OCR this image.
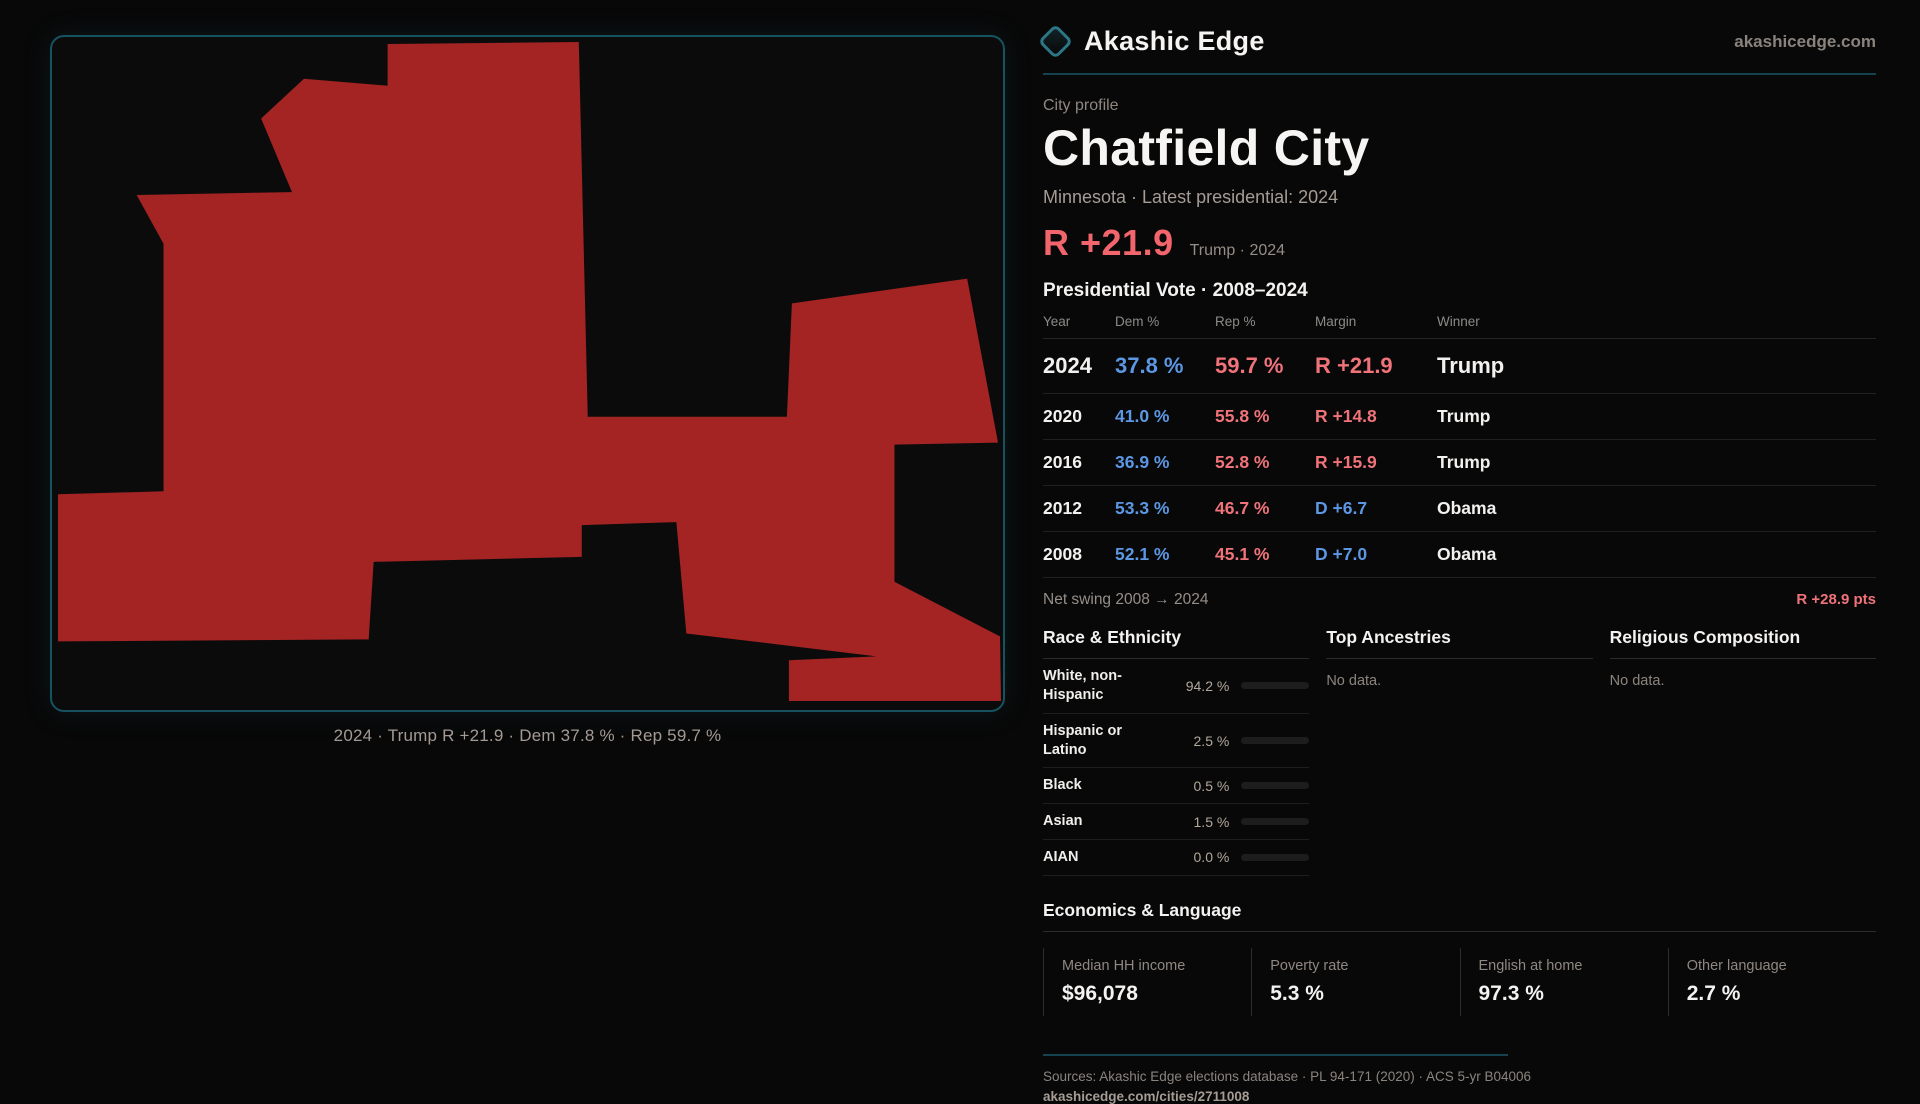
2024 · Trump R +21.9 · Dem 37.8 % · Rep 59.7 %
Akashic Edge	akashicedge.com
City profile
Chatfield City
Minnesota · Latest presidential: 2024
R +21.9 Trump · 2024
Presidential Vote · 2008–2024
Year	Dem %	Rep %	Margin	Winner
2024	37.8 %	59.7 %	R +21.9	Trump
2020	41.0 %	55.8 %	R +14.8	Trump
2016	36.9 %	52.8 %	R +15.9	Trump
2012	53.3 %	46.7 %	D +6.7	Obama
2008	52.1 %	45.1 %	D +7.0	Obama
Net swing 2008 → 2024	R +28.9 pts
Race & Ethnicity
White, non-Hispanic
94.2 %
Hispanic or Latino
2.5 %
Black	0.5 %
Asian	1.5 %
AIAN	0.0 %
Top Ancestries
No data.
Religious Composition
No data.
Economics & Language
Median HH income
$96,078
Poverty rate
5.3 %
English at home
97.3 %
Other language
2.7 %
Sources: Akashic Edge elections database · PL 94-171 (2020) · ACS 5-yr B04006
akashicedge.com/cities/2711008
